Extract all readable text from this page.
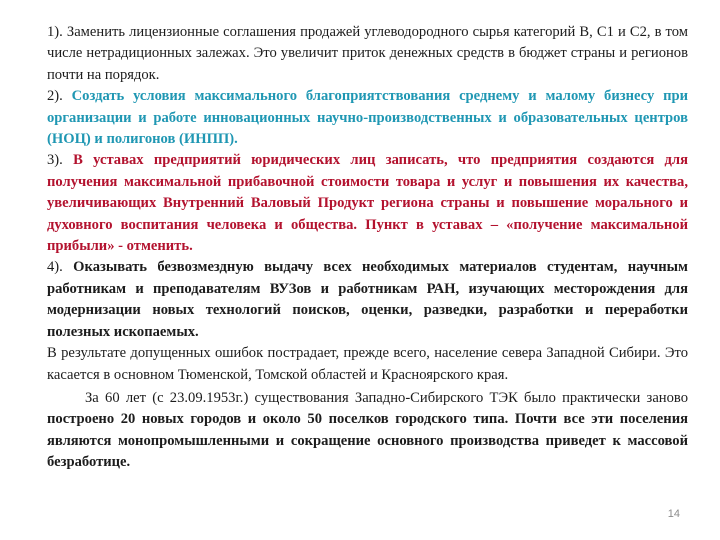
1). Заменить лицензионные соглашения продажей углеводородного сырья категорий В, С1 и С2, в том числе нетрадиционных залежах. Это увеличит приток денежных средств в бюджет страны и регионов почти на порядок.

2). Создать условия максимального благоприятствования среднему и малому бизнесу при организации и работе инновационных научно-производственных и образовательных центров (НОЦ) и полигонов (ИНПП).

3). В уставах предприятий юридических лиц записать, что предприятия создаются для получения максимальной прибавочной стоимости товара и услуг и повышения их качества, увеличивающих Внутренний Валовый Продукт региона страны и повышение морального и духовного воспитания человека и общества. Пункт в уставах – «получение максимальной прибыли» - отменить.

4). Оказывать безвозмездную выдачу всех необходимых материалов студентам, научным работникам и преподавателям ВУЗов и работникам РАН, изучающих месторождения для модернизации новых технологий поисков, оценки, разведки, разработки и переработки полезных ископаемых.

В результате допущенных ошибок пострадает, прежде всего, население севера Западной Сибири. Это касается в основном Тюменской, Томской областей и Красноярского края.

За 60 лет (с 23.09.1953г.) существования Западно-Сибирского ТЭК было практически заново построено 20 новых городов и около 50 поселков городского типа. Почти все эти поселения являются монопромышленными и сокращение основного производства приведет к массовой безработице.

14
